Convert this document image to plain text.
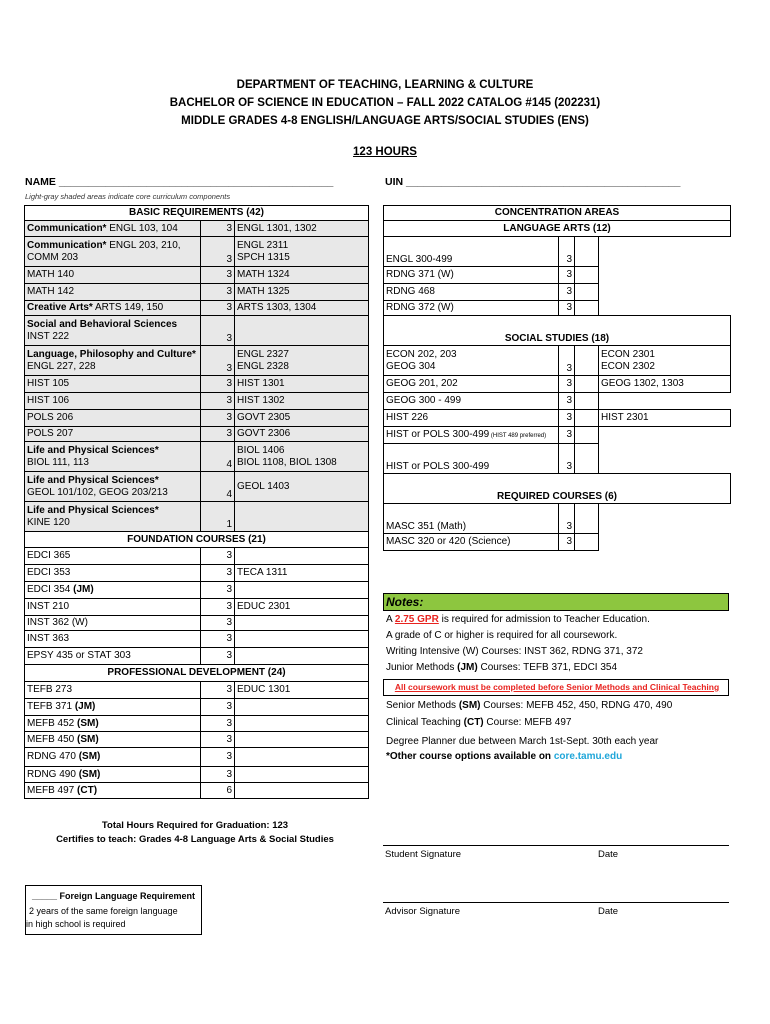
DEPARTMENT OF TEACHING, LEARNING & CULTURE
BACHELOR OF SCIENCE IN EDUCATION – FALL 2022 CATALOG #145 (202231)
MIDDLE GRADES 4-8 ENGLISH/LANGUAGE ARTS/SOCIAL STUDIES (ENS)
123 HOURS
NAME _______________________________________________	UIN _______________________________________________
Light-gray shaded areas indicate core curriculum components
BASIC REQUIREMENTS (42)		
Communication* ENGL 103, 104	3	ENGL 1301, 1302
Communication* ENGL 203, 210,
COMM 203	3	ENGL 2311
SPCH 1315
MATH 140	3	MATH 1324
MATH 142	3	MATH 1325
Creative Arts* ARTS 149, 150	3	ARTS 1303, 1304
Social and Behavioral Sciences
INST 222	3	
Language, Philosophy and Culture*
ENGL 227, 228	3	ENGL 2327
ENGL 2328
HIST 105	3	HIST 1301
HIST 106	3	HIST 1302
POLS 206	3	GOVT 2305
POLS 207	3	GOVT 2306
Life and Physical Sciences*
BIOL 111, 113	4	BIOL 1406
BIOL 1108, BIOL 1308
Life and Physical Sciences*
GEOL 101/102, GEOG 203/213	4	GEOL 1403
Life and Physical Sciences*
KINE 120	1	
FOUNDATION COURSES (21)		
EDCI 365	3	
EDCI 353	3	TECA 1311
EDCI 354 (JM)	3	
INST 210	3	EDUC 2301
INST 362 (W)	3	
INST 363	3	
EPSY 435 or STAT 303	3	
PROFESSIONAL DEVELOPMENT (24)		
TEFB 273	3	EDUC 1301
TEFB 371 (JM)	3	
MEFB 452 (SM)	3	
MEFB 450 (SM)	3	
RDNG 470 (SM)	3	
RDNG 490 (SM)	3	
MEFB 497 (CT)	6	
Total Hours Required for Graduation: 123
Certifies to teach: Grades 4-8 Language Arts & Social Studies
_____ Foreign Language Requirement
2 years of the same foreign language
in high school is required
CONCENTRATION AREAS			
LANGUAGE ARTS (12)			
ENGL 300-499	3		
RDNG 371 (W)	3		
RDNG 468	3		
RDNG 372 (W)	3		
SOCIAL STUDIES (18)			
ECON 202, 203
GEOG 304	3		ECON 2301
ECON 2302
GEOG 201, 202	3		GEOG 1302, 1303
GEOG 300 - 499	3		
HIST 226	3		HIST 2301
HIST or POLS 300-499 (HIST 489 preferred)	3		
HIST or POLS 300-499	3		
REQUIRED COURSES (6)			
MASC 351 (Math)	3		
MASC 320 or 420 (Science)	3		
Notes:
A 2.75 GPR is required for admission to Teacher Education.
A grade of C or higher is required for all coursework.
Writing Intensive (W) Courses: INST 362, RDNG 371, 372
Junior Methods (JM) Courses: TEFB 371, EDCI 354
All coursework must be completed before Senior Methods and Clinical Teaching
Senior Methods (SM) Courses: MEFB 452, 450, RDNG 470, 490
Clinical Teaching (CT) Course: MEFB 497
Degree Planner due between March 1st-Sept. 30th each year
*Other course options available on core.tamu.edu
Student Signature	Date
Advisor Signature	Date
